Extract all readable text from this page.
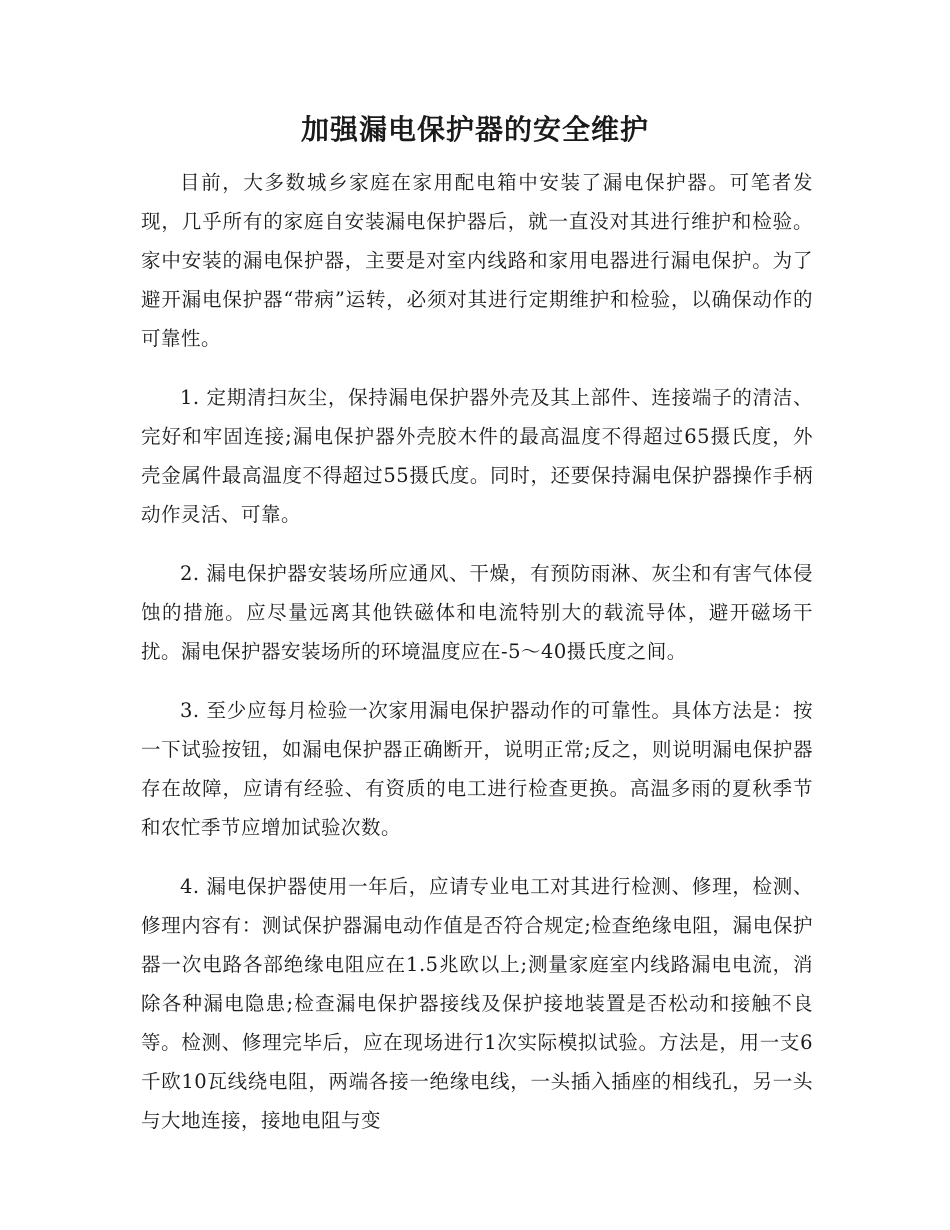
加强漏电保护器的安全维护

目前，大多数城乡家庭在家用配电箱中安装了漏电保护器。可笔者发现，几乎所有的家庭自安装漏电保护器后，就一直没对其进行维护和检验。家中安装的漏电保护器，主要是对室内线路和家用电器进行漏电保护。为了避开漏电保护器“带病”运转，必须对其进行定期维护和检验，以确保动作的可靠性。

1. 定期清扫灰尘，保持漏电保护器外壳及其上部件、连接端子的清洁、完好和牢固连接;漏电保护器外壳胶木件的最高温度不得超过65摄氏度，外壳金属件最高温度不得超过55摄氏度。同时，还要保持漏电保护器操作手柄动作灵活、可靠。

2. 漏电保护器安装场所应通风、干燥，有预防雨淋、灰尘和有害气体侵蚀的措施。应尽量远离其他铁磁体和电流特别大的载流导体，避开磁场干扰。漏电保护器安装场所的环境温度应在-5～40摄氏度之间。

3. 至少应每月检验一次家用漏电保护器动作的可靠性。具体方法是：按一下试验按钮，如漏电保护器正确断开，说明正常;反之，则说明漏电保护器存在故障，应请有经验、有资质的电工进行检查更换。高温多雨的夏秋季节和农忙季节应增加试验次数。

4. 漏电保护器使用一年后，应请专业电工对其进行检测、修理，检测、修理内容有：测试保护器漏电动作值是否符合规定;检查绝缘电阻，漏电保护器一次电路各部绝缘电阻应在1.5兆欧以上;测量家庭室内线路漏电电流，消除各种漏电隐患;检查漏电保护器接线及保护接地装置是否松动和接触不良等。检测、修理完毕后，应在现场进行1次实际模拟试验。方法是，用一支6千欧10瓦线绕电阻，两端各接一绝缘电线，一头插入插座的相线孔，另一头与大地连接，接地电阻与变
